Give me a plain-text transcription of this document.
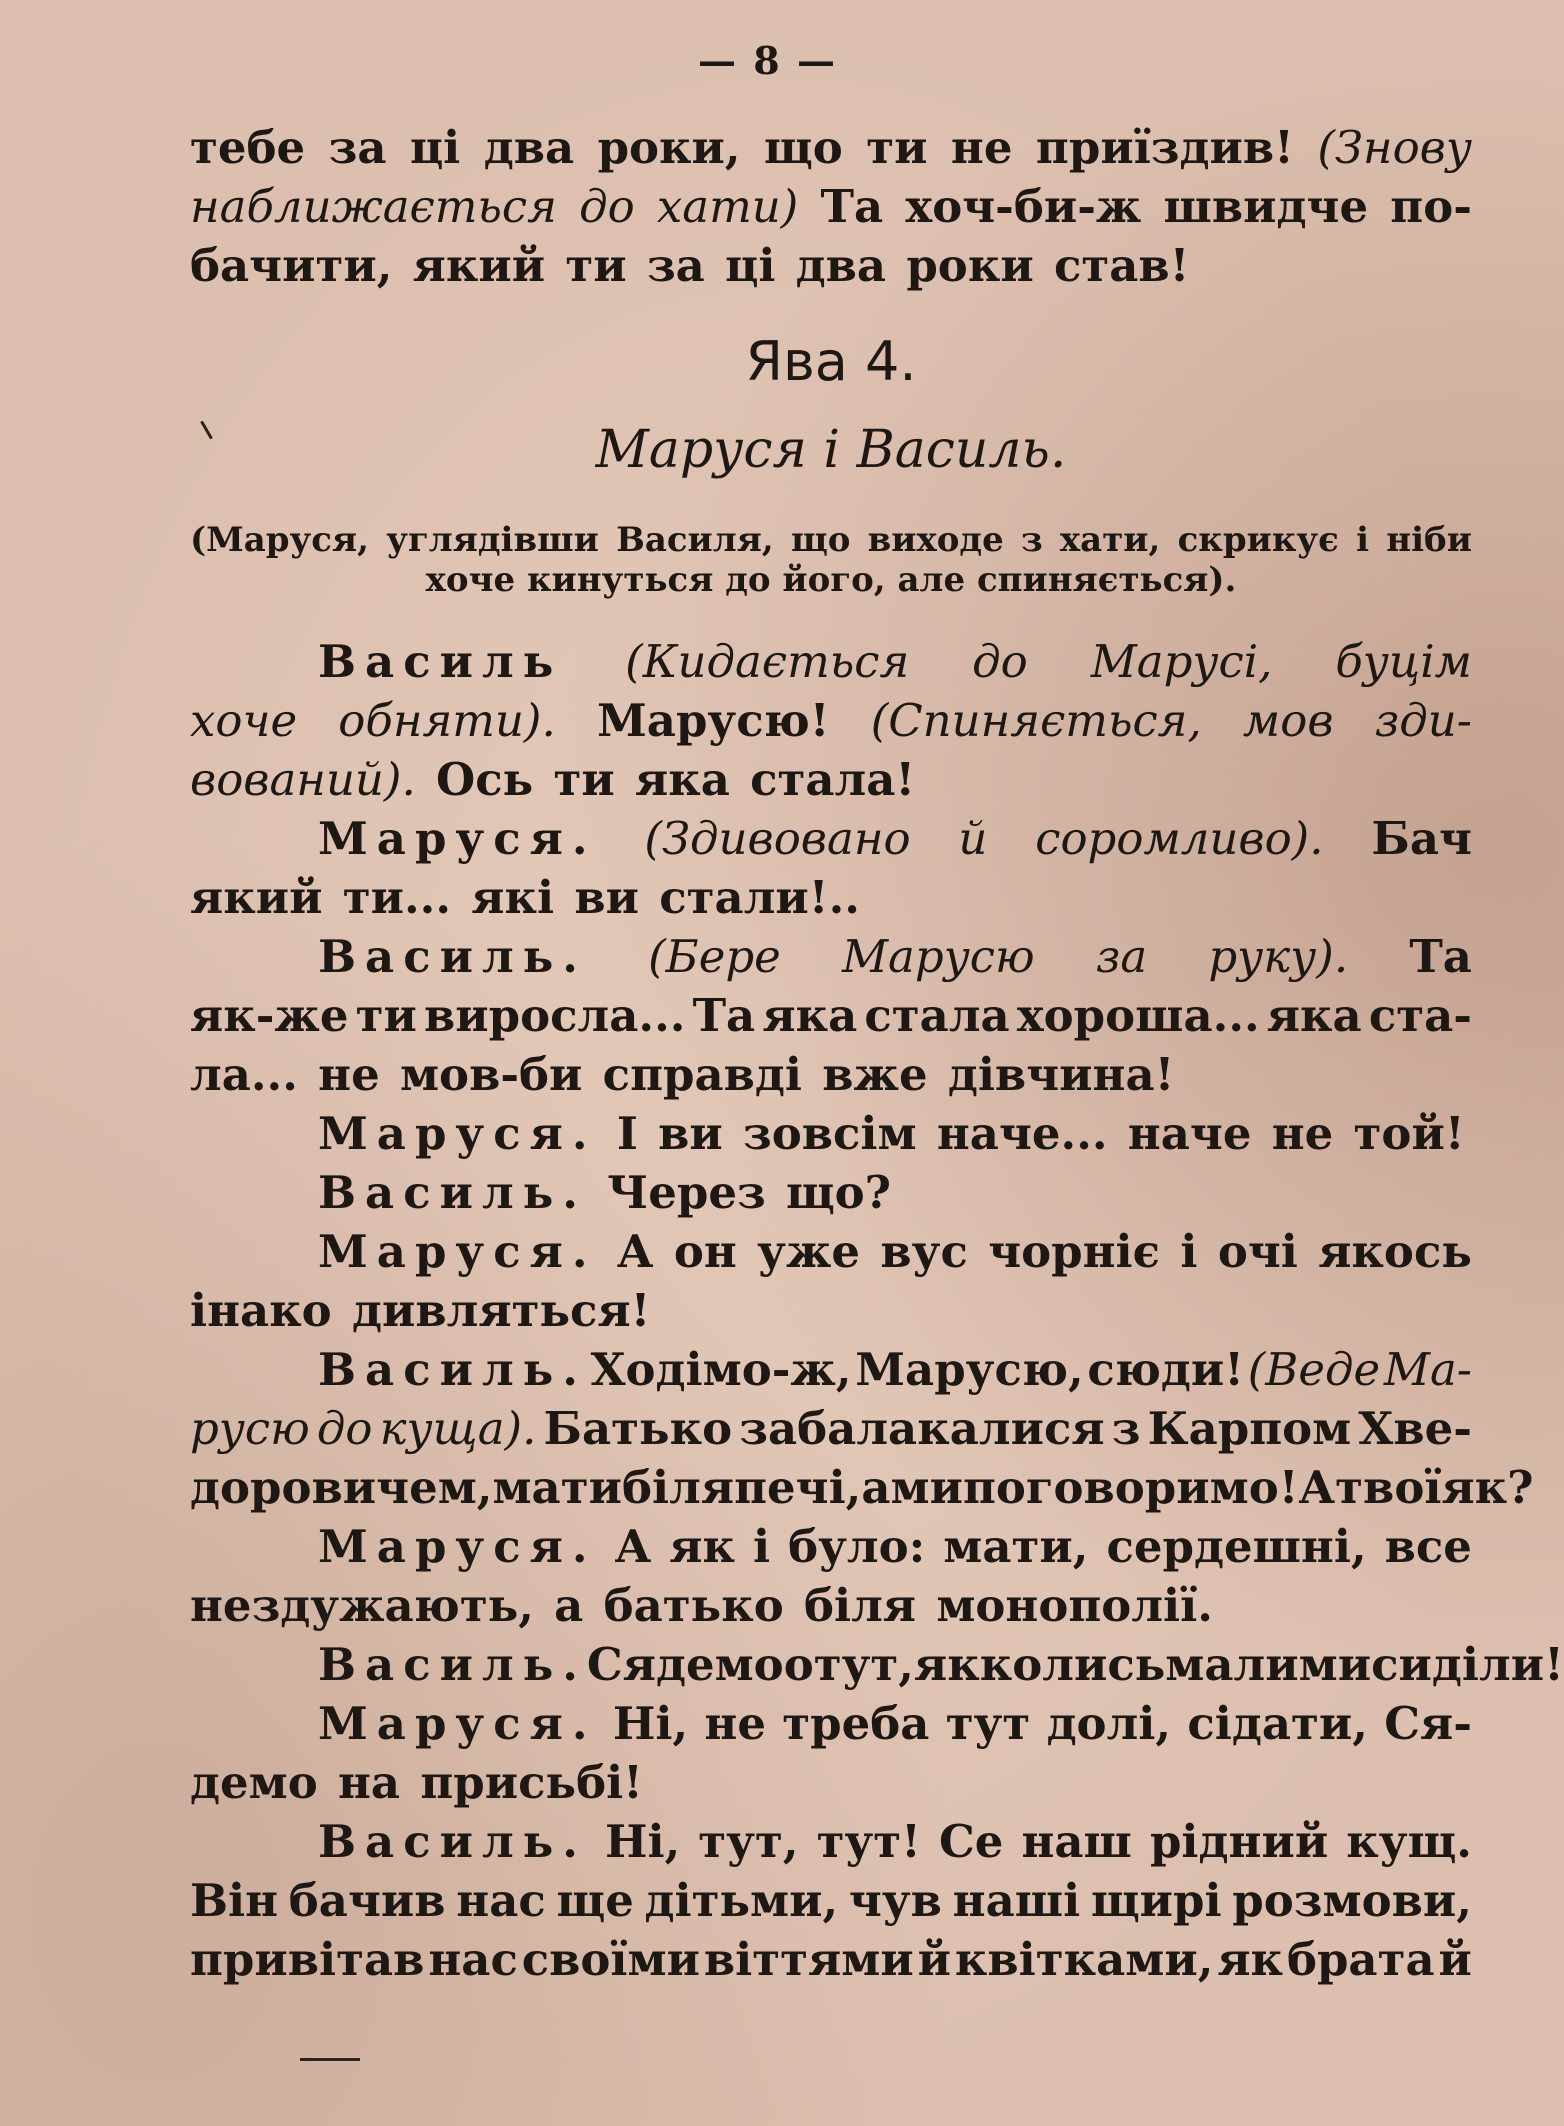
— 8 —
тебе за ці два роки, що ти не приїздив! (Знову
наближається до хати) Та хоч-би-ж швидче по-
бачити, який ти за ці два роки став!
Ява 4.
Маруся і Василь.
(Маруся, углядівши Василя, що виходе з хати, скрикує і ніби
хоче
кинуться
до
його,
але
спиняється).
Василь (Кидається до Марусі, буцім
хоче обняти). Марусю! (Спиняється, мов зди-
вований). Ось ти яка стала!
Маруся. (Здивовано й соромливо). Бач
який ти... які ви стали!..
Василь. (Бере Марусю за руку). Та
як-же ти виросла... Та яка стала хороша... яка ста-
ла... не мов-би справді вже дівчина!
Маруся. І ви зовсім наче... наче не той!
Василь. Через що?
Маруся. А он уже вус чорніє і очі якось
інако дивляться!
Василь. Ходімо-ж, Марусю, сюди! (Веде Ма-
русю до куща). Батько забалакалися з Карпом Хве-
доровичем, мати біля печі, а ми поговоримо! А твої як?
Маруся. А як і було: мати, сердешні, все
нездужають, а батько біля монополії.
Василь. Сядемо отут, як колись малими сиділи!
Маруся. Ні, не треба тут долі, сідати, Ся-
демо на присьбі!
Василь. Ні, тут, тут! Се наш рідний кущ.
Він бачив нас ще дітьми, чув наші щирі розмови,
привітав нас своїми віттями й квітками, як брата й
